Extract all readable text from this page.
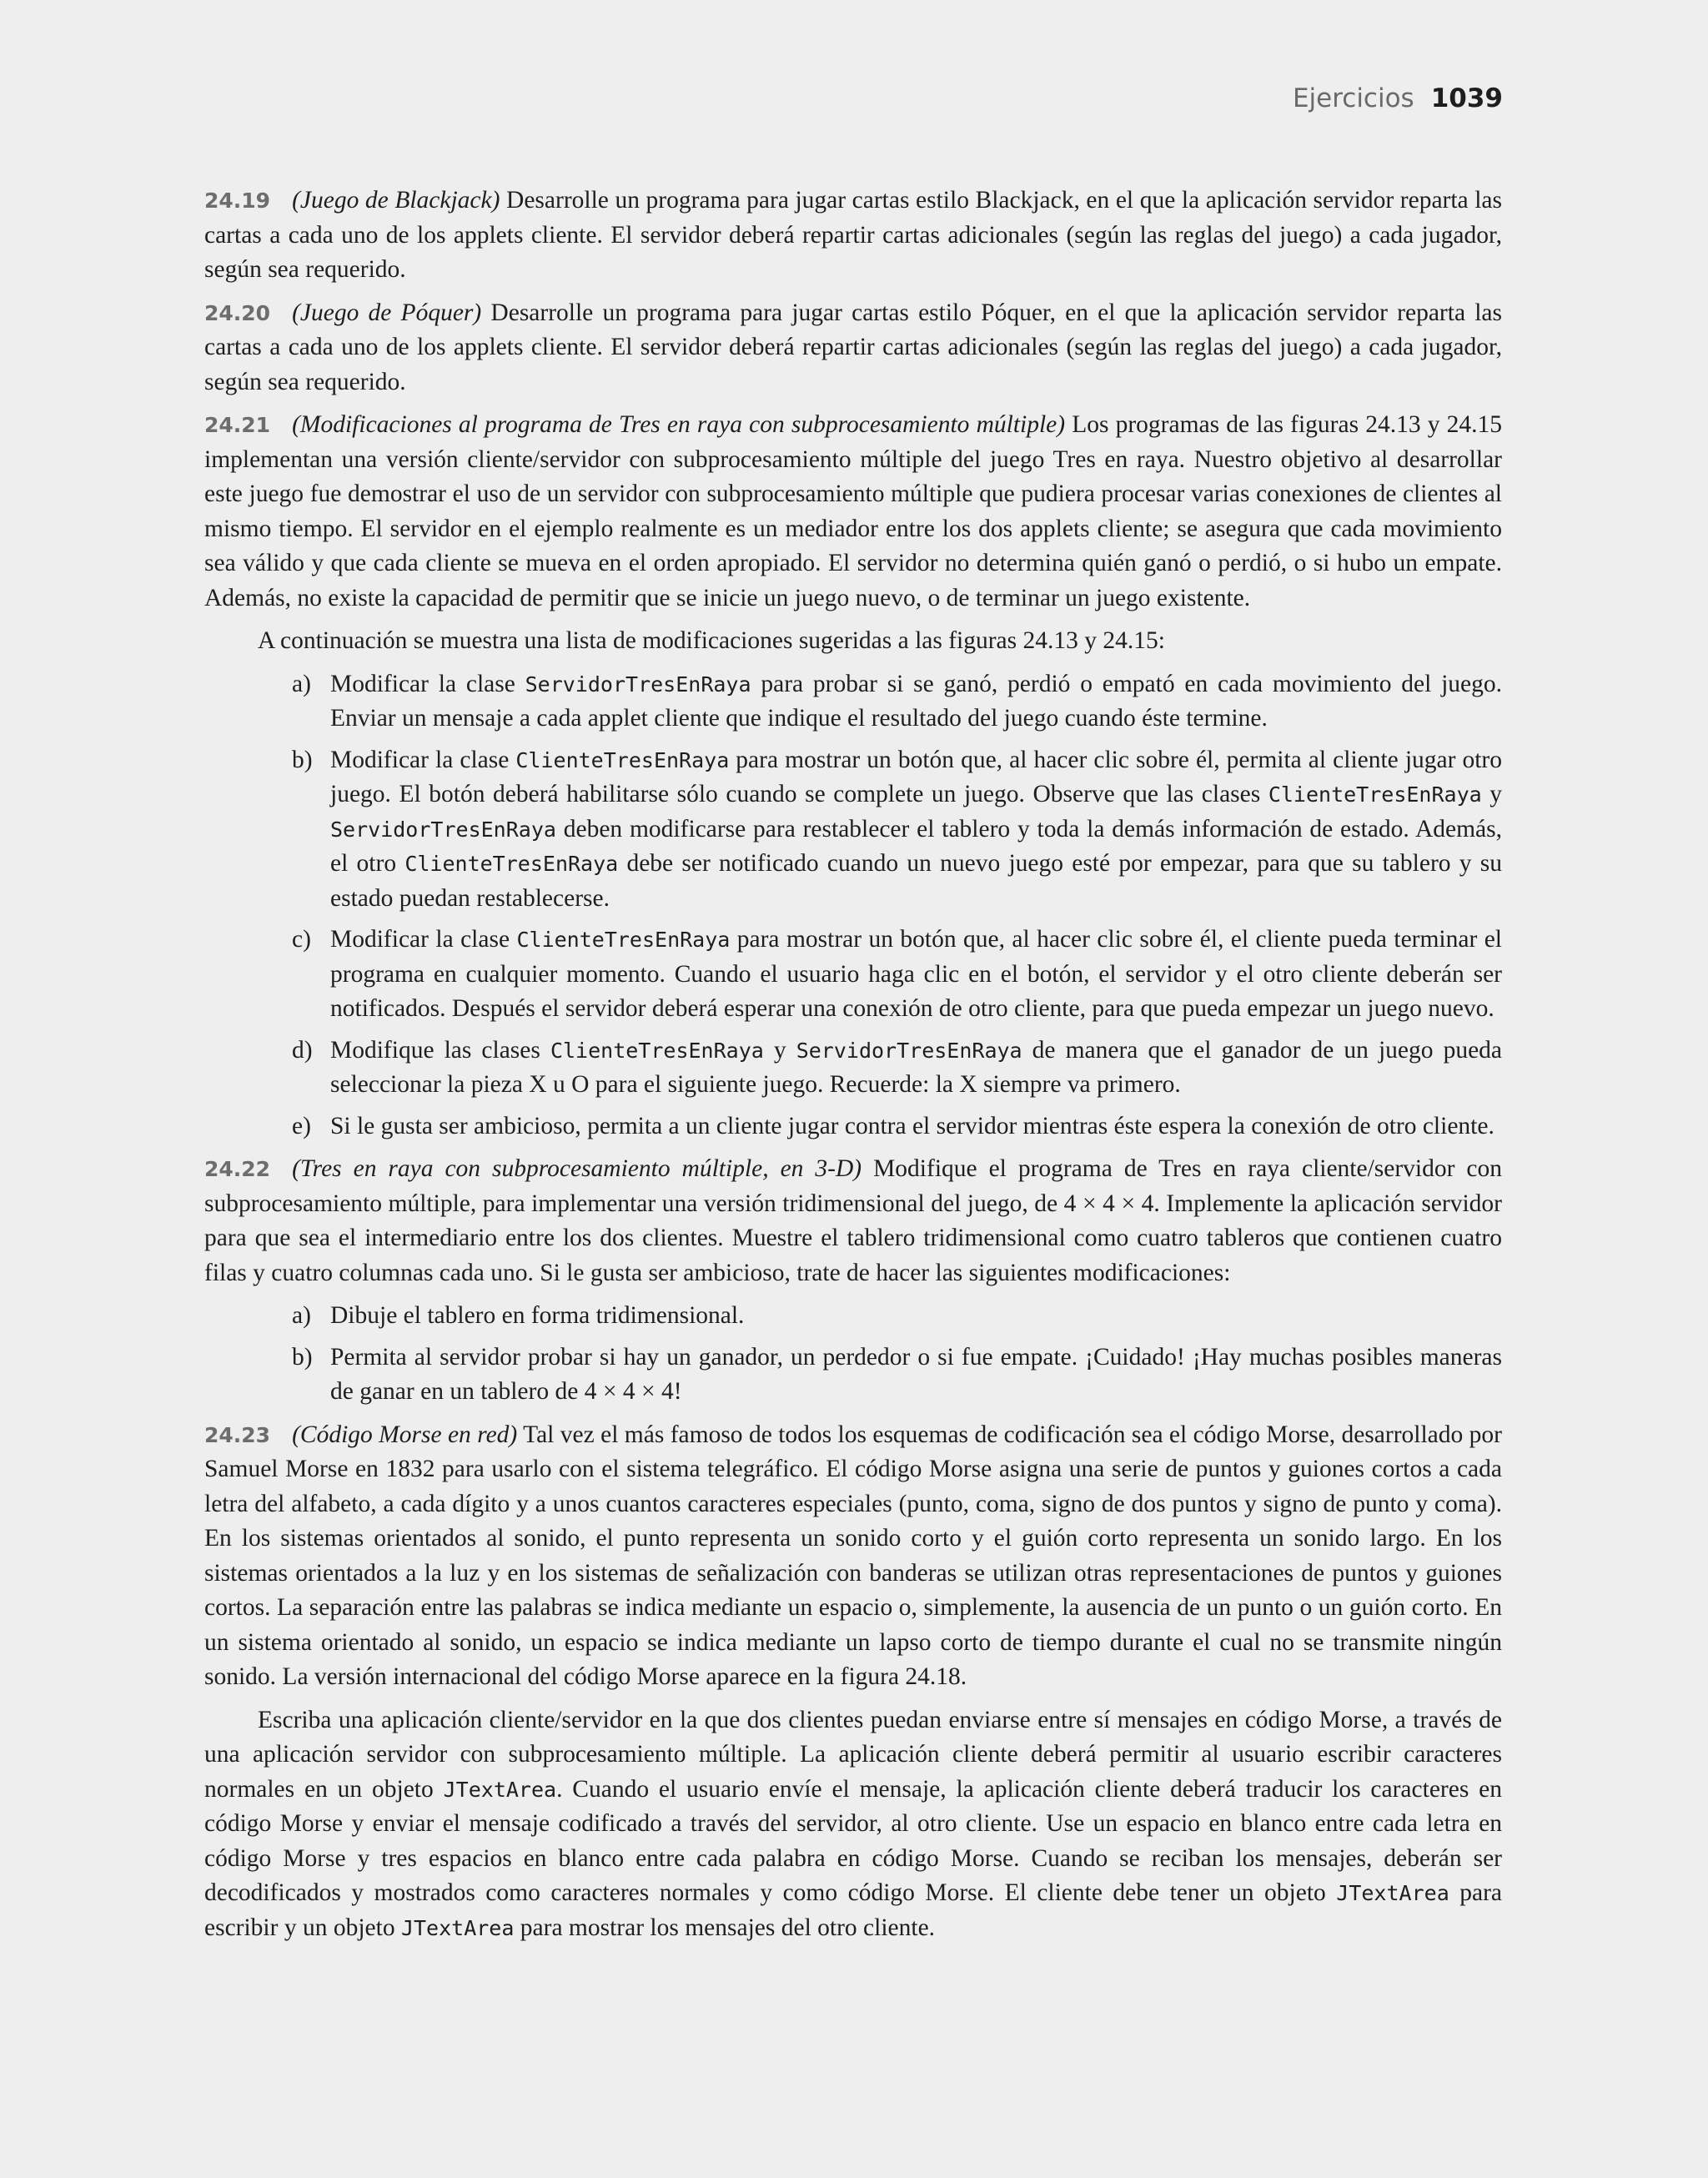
Ejercicios 1039

24.19 (Juego de Blackjack) Desarrolle un programa para jugar cartas estilo Blackjack, en el que la aplicación servidor reparta las cartas a cada uno de los applets cliente. El servidor deberá repartir cartas adicionales (según las reglas del juego) a cada jugador, según sea requerido.

24.20 (Juego de Póquer) Desarrolle un programa para jugar cartas estilo Póquer, en el que la aplicación servidor reparta las cartas a cada uno de los applets cliente. El servidor deberá repartir cartas adicionales (según las reglas del juego) a cada jugador, según sea requerido.

24.21 (Modificaciones al programa de Tres en raya con subprocesamiento múltiple) Los programas de las figuras 24.13 y 24.15 implementan una versión cliente/servidor con subprocesamiento múltiple del juego Tres en raya. Nuestro objetivo al desarrollar este juego fue demostrar el uso de un servidor con subprocesamiento múltiple que pudiera procesar varias conexiones de clientes al mismo tiempo. El servidor en el ejemplo realmente es un mediador entre los dos applets cliente; se asegura que cada movimiento sea válido y que cada cliente se mueva en el orden apropiado. El servidor no determina quién ganó o perdió, o si hubo un empate. Además, no existe la capacidad de permitir que se inicie un juego nuevo, o de terminar un juego existente.

A continuación se muestra una lista de modificaciones sugeridas a las figuras 24.13 y 24.15:

a) Modificar la clase ServidorTresEnRaya para probar si se ganó, perdió o empató en cada movimiento del juego. Enviar un mensaje a cada applet cliente que indique el resultado del juego cuando éste termine.
b) Modificar la clase ClienteTresEnRaya para mostrar un botón que, al hacer clic sobre él, permita al cliente jugar otro juego. El botón deberá habilitarse sólo cuando se complete un juego. Observe que las clases ClienteTresEnRaya y ServidorTresEnRaya deben modificarse para restablecer el tablero y toda la demás información de estado. Además, el otro ClienteTresEnRaya debe ser notificado cuando un nuevo juego esté por empezar, para que su tablero y su estado puedan restablecerse.
c) Modificar la clase ClienteTresEnRaya para mostrar un botón que, al hacer clic sobre él, el cliente pueda terminar el programa en cualquier momento. Cuando el usuario haga clic en el botón, el servidor y el otro cliente deberán ser notificados. Después el servidor deberá esperar una conexión de otro cliente, para que pueda empezar un juego nuevo.
d) Modifique las clases ClienteTresEnRaya y ServidorTresEnRaya de manera que el ganador de un juego pueda seleccionar la pieza X u O para el siguiente juego. Recuerde: la X siempre va primero.
e) Si le gusta ser ambicioso, permita a un cliente jugar contra el servidor mientras éste espera la conexión de otro cliente.

24.22 (Tres en raya con subprocesamiento múltiple, en 3-D) Modifique el programa de Tres en raya cliente/servidor con subprocesamiento múltiple, para implementar una versión tridimensional del juego, de 4 × 4 × 4. Implemente la aplicación servidor para que sea el intermediario entre los dos clientes. Muestre el tablero tridimensional como cuatro tableros que contienen cuatro filas y cuatro columnas cada uno. Si le gusta ser ambicioso, trate de hacer las siguientes modificaciones:

a) Dibuje el tablero en forma tridimensional.
b) Permita al servidor probar si hay un ganador, un perdedor o si fue empate. ¡Cuidado! ¡Hay muchas posibles maneras de ganar en un tablero de 4 × 4 × 4!

24.23 (Código Morse en red) Tal vez el más famoso de todos los esquemas de codificación sea el código Morse, desarrollado por Samuel Morse en 1832 para usarlo con el sistema telegráfico. El código Morse asigna una serie de puntos y guiones cortos a cada letra del alfabeto, a cada dígito y a unos cuantos caracteres especiales (punto, coma, signo de dos puntos y signo de punto y coma). En los sistemas orientados al sonido, el punto representa un sonido corto y el guión corto representa un sonido largo. En los sistemas orientados a la luz y en los sistemas de señalización con banderas se utilizan otras representaciones de puntos y guiones cortos. La separación entre las palabras se indica mediante un espacio o, simplemente, la ausencia de un punto o un guión corto. En un sistema orientado al sonido, un espacio se indica mediante un lapso corto de tiempo durante el cual no se transmite ningún sonido. La versión internacional del código Morse aparece en la figura 24.18.

Escriba una aplicación cliente/servidor en la que dos clientes puedan enviarse entre sí mensajes en código Morse, a través de una aplicación servidor con subprocesamiento múltiple. La aplicación cliente deberá permitir al usuario escribir caracteres normales en un objeto JTextArea. Cuando el usuario envíe el mensaje, la aplicación cliente deberá traducir los caracteres en código Morse y enviar el mensaje codificado a través del servidor, al otro cliente. Use un espacio en blanco entre cada letra en código Morse y tres espacios en blanco entre cada palabra en código Morse. Cuando se reciban los mensajes, deberán ser decodificados y mostrados como caracteres normales y como código Morse. El cliente debe tener un objeto JTextArea para escribir y un objeto JTextArea para mostrar los mensajes del otro cliente.
